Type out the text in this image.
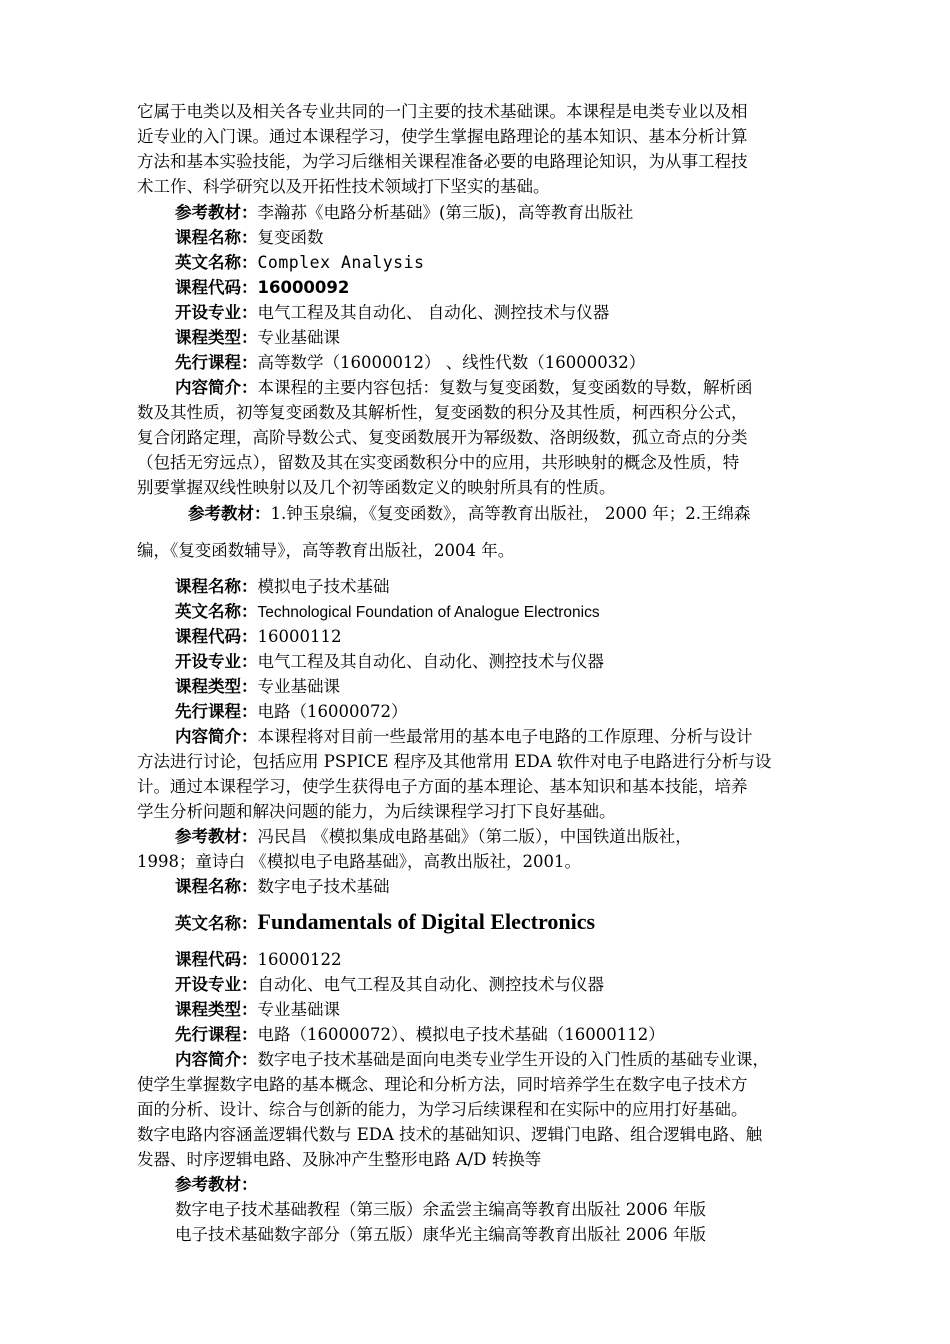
它属于电类以及相关各专业共同的一门主要的技术基础课。本课程是电类专业以及相
近专业的入门课。通过本课程学习，使学生掌握电路理论的基本知识、基本分析计算
方法和基本实验技能，为学习后继相关课程准备必要的电路理论知识，为从事工程技
术工作、科学研究以及开拓性技术领域打下坚实的基础。
参考教材：李瀚荪《电路分析基础》(第三版)，高等教育出版社
课程名称：复变函数
英文名称：Complex Analysis
课程代码：16000092
开设专业：电气工程及其自动化、 自动化、测控技术与仪器
课程类型：专业基础课
先行课程：高等数学（16000012） 、线性代数（16000032）
内容简介：本课程的主要内容包括：复数与复变函数，复变函数的导数，解析函
数及其性质，初等复变函数及其解析性，复变函数的积分及其性质，柯西积分公式，
复合闭路定理，高阶导数公式、复变函数展开为幂级数、洛朗级数，孤立奇点的分类
（包括无穷远点），留数及其在实变函数积分中的应用，共形映射的概念及性质，特
别要掌握双线性映射以及几个初等函数定义的映射所具有的性质。
参考教材：1.钟玉泉编，《复变函数》，高等教育出版社， 2000 年；2.王绵森
编，《复变函数辅导》，高等教育出版社，2004 年。
课程名称：模拟电子技术基础
英文名称：Technological Foundation of Analogue Electronics
课程代码：16000112
开设专业：电气工程及其自动化、自动化、测控技术与仪器
课程类型：专业基础课
先行课程：电路（16000072）
内容简介：本课程将对目前一些最常用的基本电子电路的工作原理、分析与设计
方法进行讨论，包括应用 PSPICE 程序及其他常用 EDA 软件对电子电路进行分析与设
计。通过本课程学习，使学生获得电子方面的基本理论、基本知识和基本技能，培养
学生分析问题和解决问题的能力，为后续课程学习打下良好基础。
参考教材：冯民昌 《模拟集成电路基础》（第二版），中国铁道出版社，
1998；童诗白 《模拟电子电路基础》，高教出版社，2001。
课程名称：数字电子技术基础
英文名称：Fundamentals of Digital Electronics
课程代码：16000122
开设专业：自动化、电气工程及其自动化、测控技术与仪器
课程类型：专业基础课
先行课程：电路（16000072）、模拟电子技术基础（16000112）
内容简介：数字电子技术基础是面向电类专业学生开设的入门性质的基础专业课，
使学生掌握数字电路的基本概念、理论和分析方法，同时培养学生在数字电子技术方
面的分析、设计、综合与创新的能力，为学习后续课程和在实际中的应用打好基础。
数字电路内容涵盖逻辑代数与 EDA 技术的基础知识、逻辑门电路、组合逻辑电路、触
发器、时序逻辑电路、及脉冲产生整形电路 A/D 转换等
参考教材：
数字电子技术基础教程（第三版）余孟尝主编高等教育出版社 2006 年版
电子技术基础数字部分（第五版）康华光主编高等教育出版社 2006 年版
